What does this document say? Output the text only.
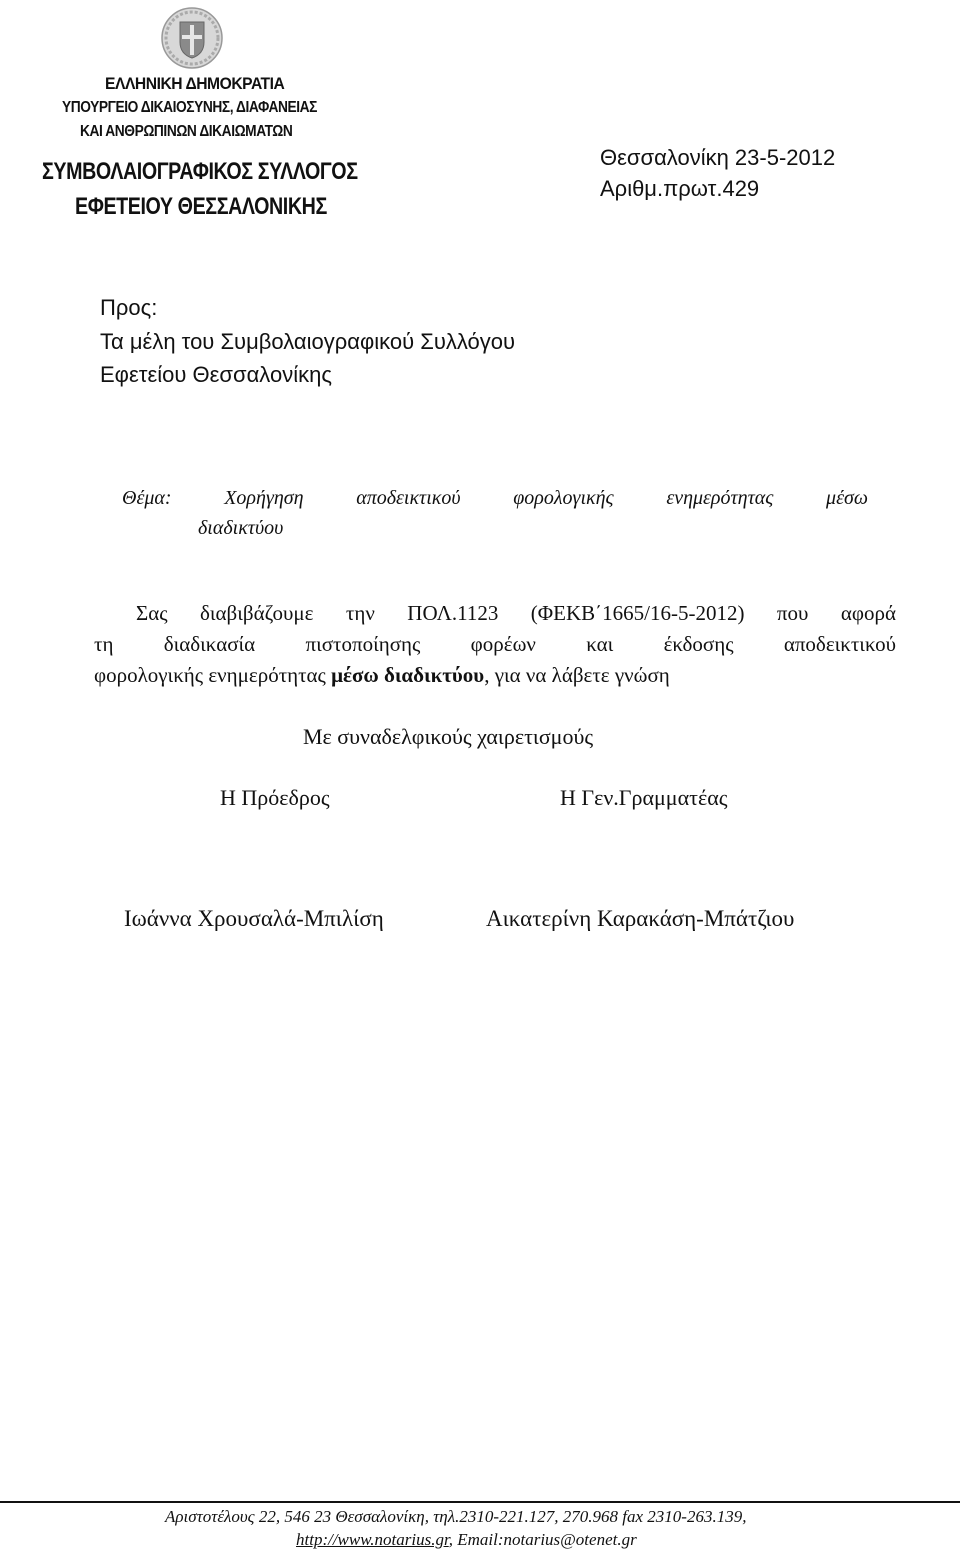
ΕΛΛΗΝΙΚΗ ΔΗΜΟΚΡΑΤΙΑ
ΥΠΟΥΡΓΕΙΟ ΔΙΚΑΙΟΣΥΝΗΣ, ΔΙΑΦΑΝΕΙΑΣ
ΚΑΙ ΑΝΘΡΩΠΙΝΩΝ ΔΙΚΑΙΩΜΑΤΩΝ
ΣΥΜΒΟΛΑΙΟΓΡΑΦΙΚΟΣ ΣΥΛΛΟΓΟΣ
ΕΦΕΤΕΙΟΥ ΘΕΣΣΑΛΟΝΙΚΗΣ
Θεσσαλονίκη 23-5-2012
Αριθμ.πρωτ.429
Προς:
Τα μέλη του Συμβολαιογραφικού Συλλόγου
Εφετείου Θεσσαλονίκης
Θέμα:	Χορήγηση	αποδεικτικού	φορολογικής	ενημερότητας	μέσω
διαδικτύου
Σας διαβιβάζουμε την ΠΟΛ.1123 (ΦΕΚΒ΄1665/16-5-2012) που αφορά
τη διαδικασία πιστοποίησης φορέων και έκδοσης αποδεικτικού
φορολογικής ενημερότητας μέσω διαδικτύου , για να λάβετε γνώση
Με συναδελφικούς χαιρετισμούς
Η Πρόεδρος	Η Γεν.Γραμματέας
Ιωάννα Χρουσαλά-Μπιλίση	Αικατερίνη Καρακάση-Μπάτζιου
Αριστοτέλους 22, 546 23 Θεσσαλονίκη, τηλ.2310-221.127, 270.968 fax 2310-263.139,
http://www.notarius.gr, Email:notarius@otenet.gr
